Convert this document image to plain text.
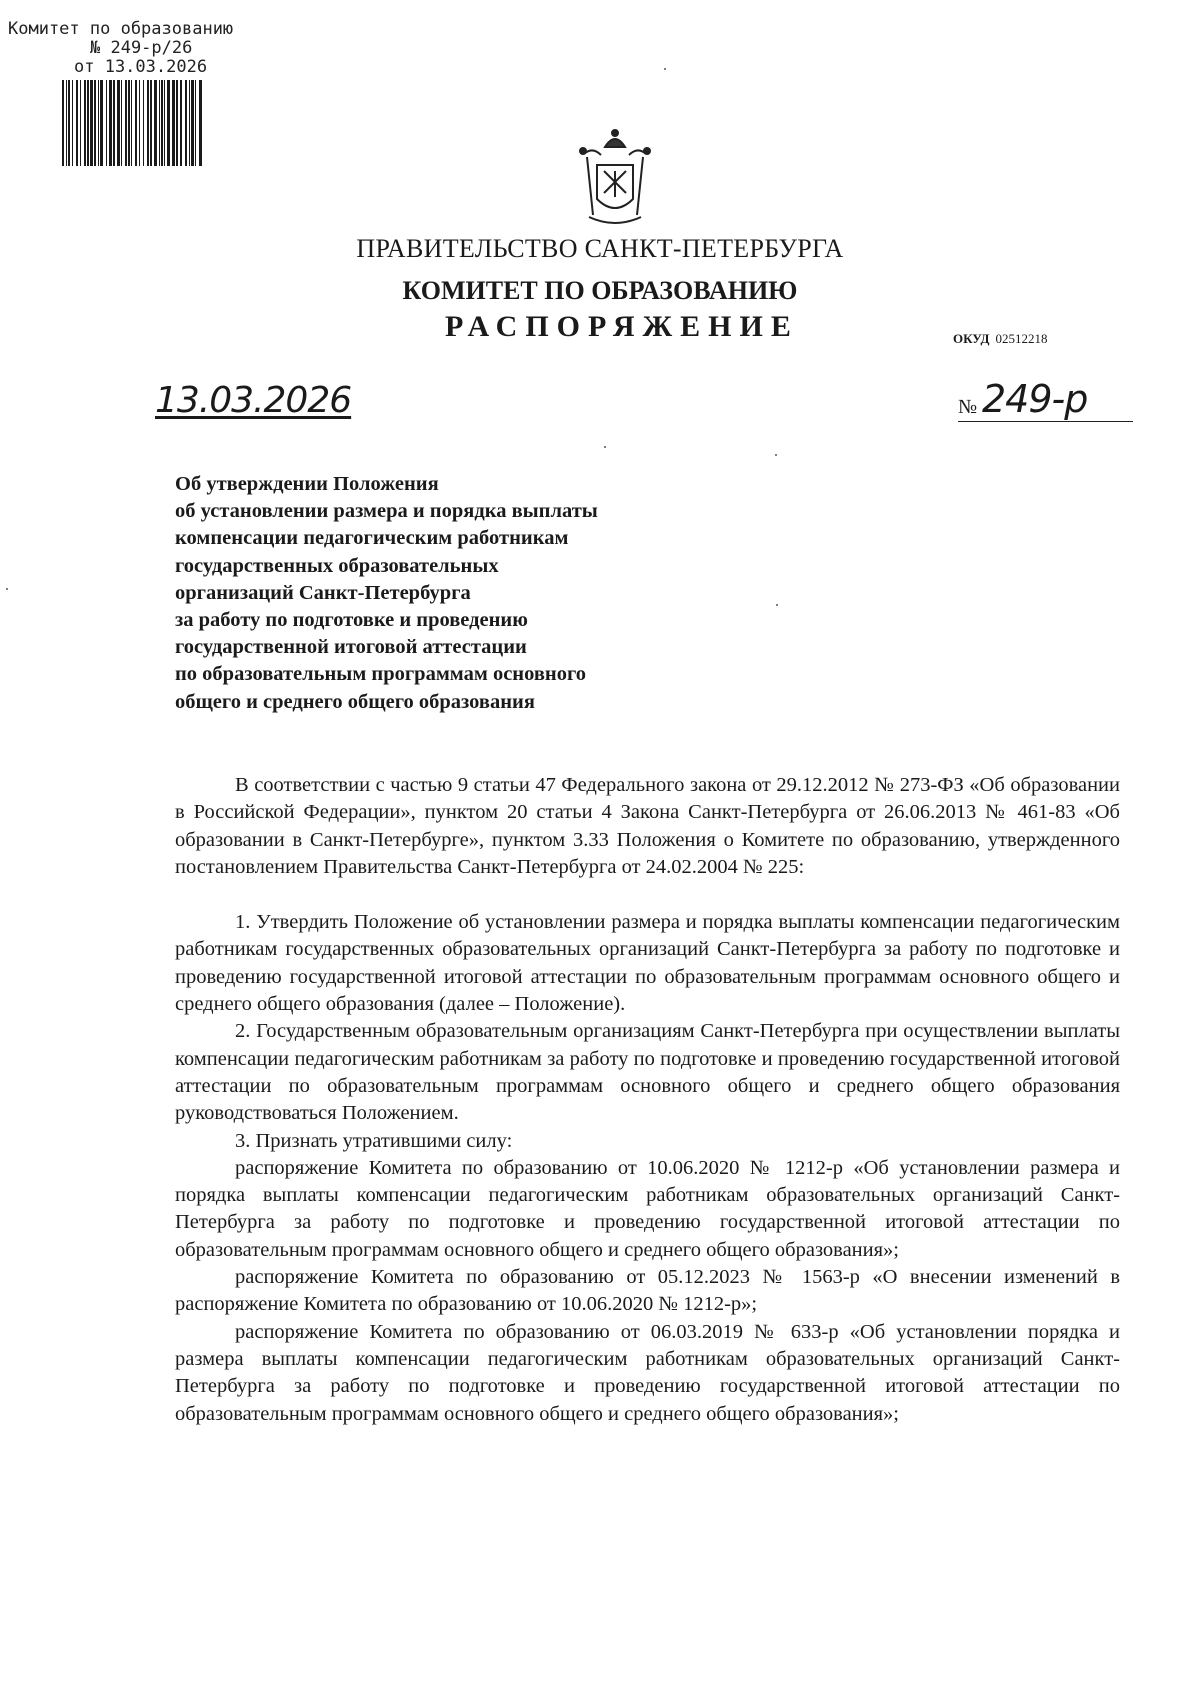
Комитет по образованию
№ 249-р/26
от 13.03.2026
ПРАВИТЕЛЬСТВО САНКТ-ПЕТЕРБУРГА
КОМИТЕТ ПО ОБРАЗОВАНИЮ
РАСПОРЯЖЕНИЕ	ОКУД 02512218
13.03.2026	№ 249-р
Об утверждении Положения
об установлении размера и порядка выплаты
компенсации педагогическим работникам
государственных образовательных
организаций Санкт-Петербурга
за работу по подготовке и проведению
государственной итоговой аттестации
по образовательным программам основного
общего и среднего общего образования

В соответствии с частью 9 статьи 47 Федерального закона от 29.12.2012 № 273-ФЗ «Об образовании в Российской Федерации», пунктом 20 статьи 4 Закона Санкт-Петербурга от 26.06.2013 № 461-83 «Об образовании в Санкт-Петербурге», пунктом 3.33 Положения о Комитете по образованию, утвержденного постановлением Правительства Санкт-Петербурга от 24.02.2004 № 225:

1. Утвердить Положение об установлении размера и порядка выплаты компенсации педагогическим работникам государственных образовательных организаций Санкт-Петербурга за работу по подготовке и проведению государственной итоговой аттестации по образовательным программам основного общего и среднего общего образования (далее – Положение).

2. Государственным образовательным организациям Санкт-Петербурга при осуществлении выплаты компенсации педагогическим работникам за работу по подготовке и проведению государственной итоговой аттестации по образовательным программам основного общего и среднего общего образования руководствоваться Положением.

3. Признать утратившими силу:

распоряжение Комитета по образованию от 10.06.2020 № 1212-р «Об установлении размера и порядка выплаты компенсации педагогическим работникам образовательных организаций Санкт-Петербурга за работу по подготовке и проведению государственной итоговой аттестации по образовательным программам основного общего и среднего общего образования»;

распоряжение Комитета по образованию от 05.12.2023 № 1563-р «О внесении изменений в распоряжение Комитета по образованию от 10.06.2020 № 1212-р»;

распоряжение Комитета по образованию от 06.03.2019 № 633-р «Об установлении порядка и размера выплаты компенсации педагогическим работникам образовательных организаций Санкт-Петербурга за работу по подготовке и проведению государственной итоговой аттестации по образовательным программам основного общего и среднего общего образования»;
